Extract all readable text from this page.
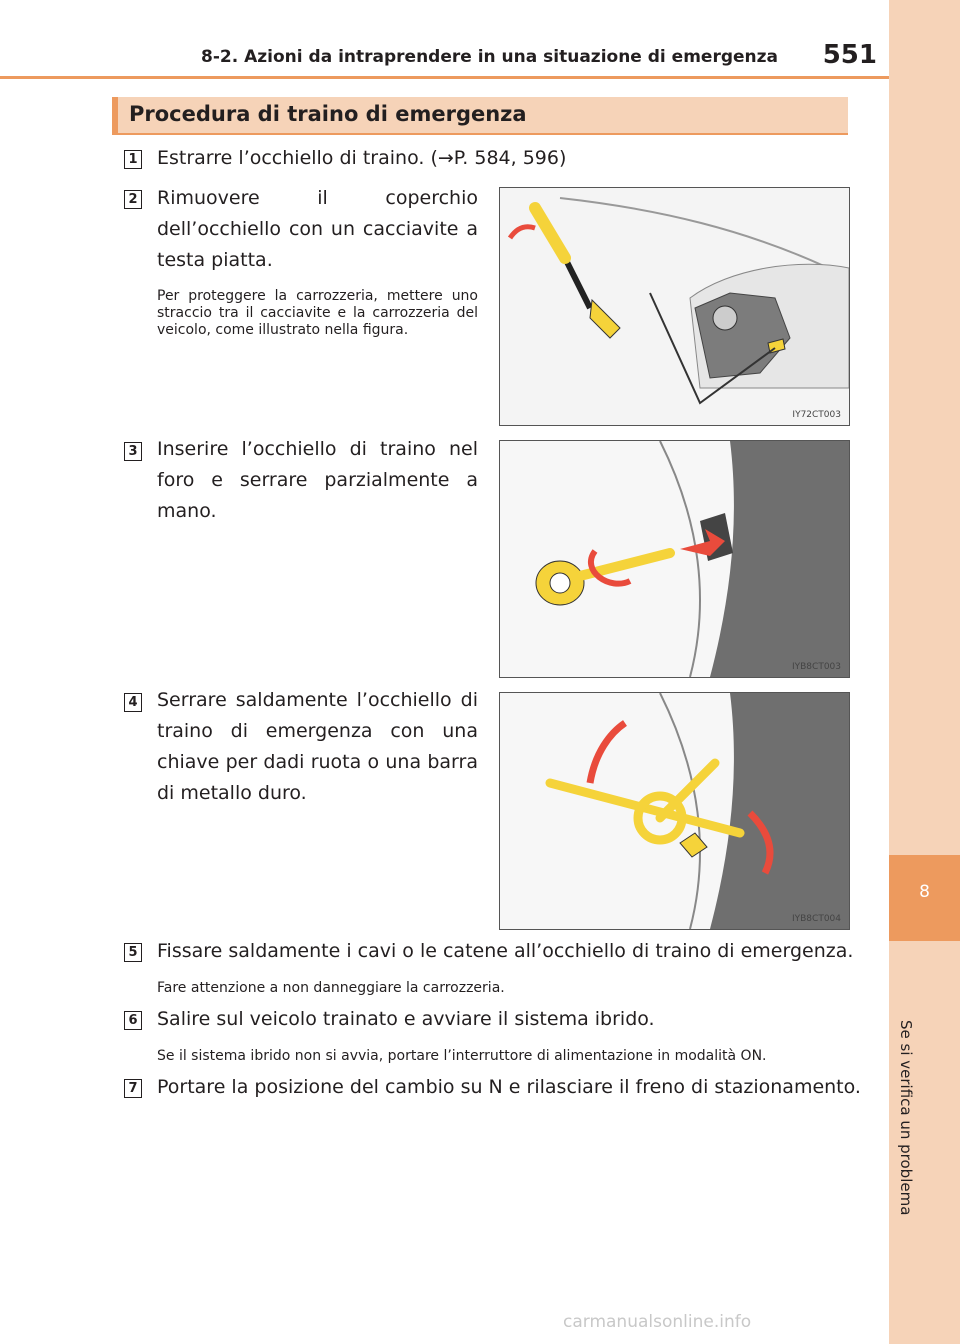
8
Se si verifica un problema
8-2. Azioni da intraprendere in una situazione di emergenza 551
Procedura di traino di emergenza
1 Estrarre l’occhiello di traino. (→P. 584, 596)
2 Rimuovere il coperchio dell’occhiello con un cacciavite a testa piatta.
Per proteggere la carrozzeria, mettere uno straccio tra il cacciavite e la carrozzeria del veicolo, come illustrato nella figura.
IY72CT003
3 Inserire l’occhiello di traino nel foro e serrare parzialmente a mano.
IYB8CT003
4 Serrare saldamente l’occhiello di traino di emergenza con una chiave per dadi ruota o una barra di metallo duro.
IYB8CT004
5 Fissare saldamente i cavi o le catene all’occhiello di traino di emergenza.
Fare attenzione a non danneggiare la carrozzeria.
6 Salire sul veicolo trainato e avviare il sistema ibrido.
Se il sistema ibrido non si avvia, portare l’interruttore di alimentazione in modalità ON.
7 Portare la posizione del cambio su N e rilasciare il freno di stazionamento.
carmanualsonline.info
